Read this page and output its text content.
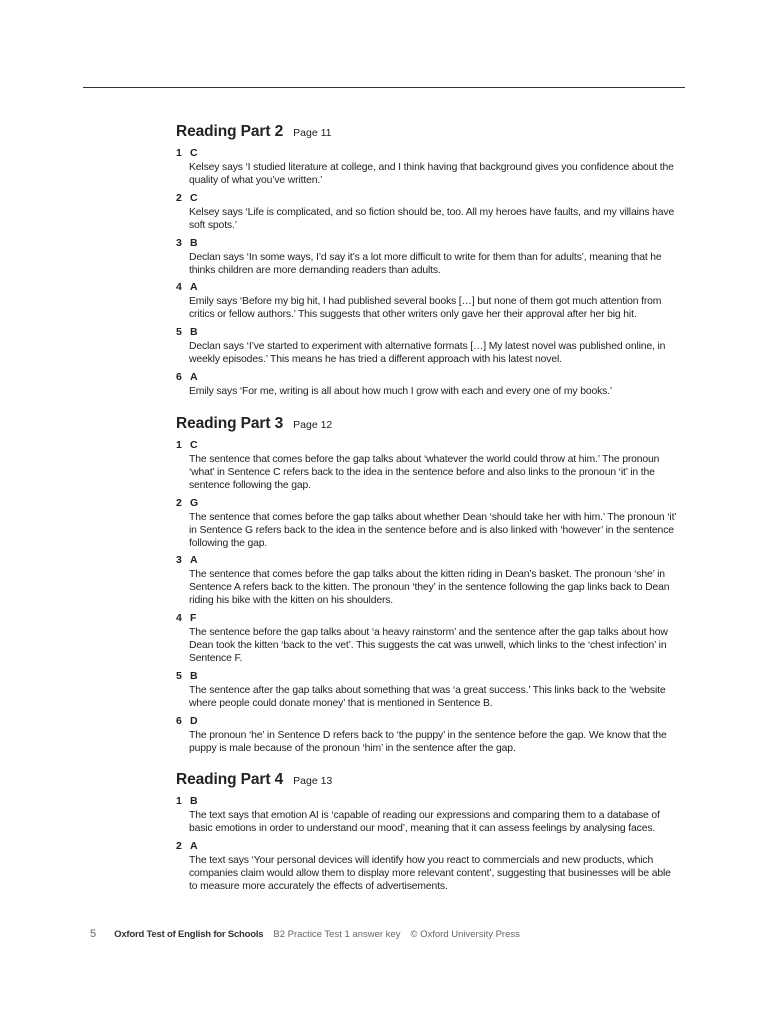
Reading Part 2 Page 11
1 C
Kelsey says ‘I studied literature at college, and I think having that background gives you confidence about the quality of what you’ve written.’
2 C
Kelsey says ‘Life is complicated, and so fiction should be, too. All my heroes have faults, and my villains have soft spots.’
3 B
Declan says ‘In some ways, I’d say it’s a lot more difficult to write for them than for adults’, meaning that he thinks children are more demanding readers than adults.
4 A
Emily says ‘Before my big hit, I had published several books […] but none of them got much attention from critics or fellow authors.’ This suggests that other writers only gave her their approval after her big hit.
5 B
Declan says ‘I’ve started to experiment with alternative formats […] My latest novel was published online, in weekly episodes.’ This means he has tried a different approach with his latest novel.
6 A
Emily says ‘For me, writing is all about how much I grow with each and every one of my books.’
Reading Part 3 Page 12
1 C
The sentence that comes before the gap talks about ‘whatever the world could throw at him.’ The pronoun ‘what’ in Sentence C refers back to the idea in the sentence before and also links to the pronoun ‘it’ in the sentence following the gap.
2 G
The sentence that comes before the gap talks about whether Dean ‘should take her with him.’ The pronoun ‘it’ in Sentence G refers back to the idea in the sentence before and is also linked with ‘however’ in the sentence following the gap.
3 A
The sentence that comes before the gap talks about the kitten riding in Dean’s basket. The pronoun ‘she’ in Sentence A refers back to the kitten. The pronoun ‘they’ in the sentence following the gap links back to Dean riding his bike with the kitten on his shoulders.
4 F
The sentence before the gap talks about ‘a heavy rainstorm’ and the sentence after the gap talks about how Dean took the kitten ‘back to the vet’. This suggests the cat was unwell, which links to the ‘chest infection’ in Sentence F.
5 B
The sentence after the gap talks about something that was ‘a great success.’ This links back to the ‘website where people could donate money’ that is mentioned in Sentence B.
6 D
The pronoun ‘he’ in Sentence D refers back to ‘the puppy’ in the sentence before the gap. We know that the puppy is male because of the pronoun ‘him’ in the sentence after the gap.
Reading Part 4 Page 13
1 B
The text says that emotion AI is ‘capable of reading our expressions and comparing them to a database of basic emotions in order to understand our mood’, meaning that it can assess feelings by analysing faces.
2 A
The text says ‘Your personal devices will identify how you react to commercials and new products, which companies claim would allow them to display more relevant content’, suggesting that businesses will be able to measure more accurately the effects of advertisements.
5 Oxford Test of English for Schools B2 Practice Test 1 answer key © Oxford University Press
